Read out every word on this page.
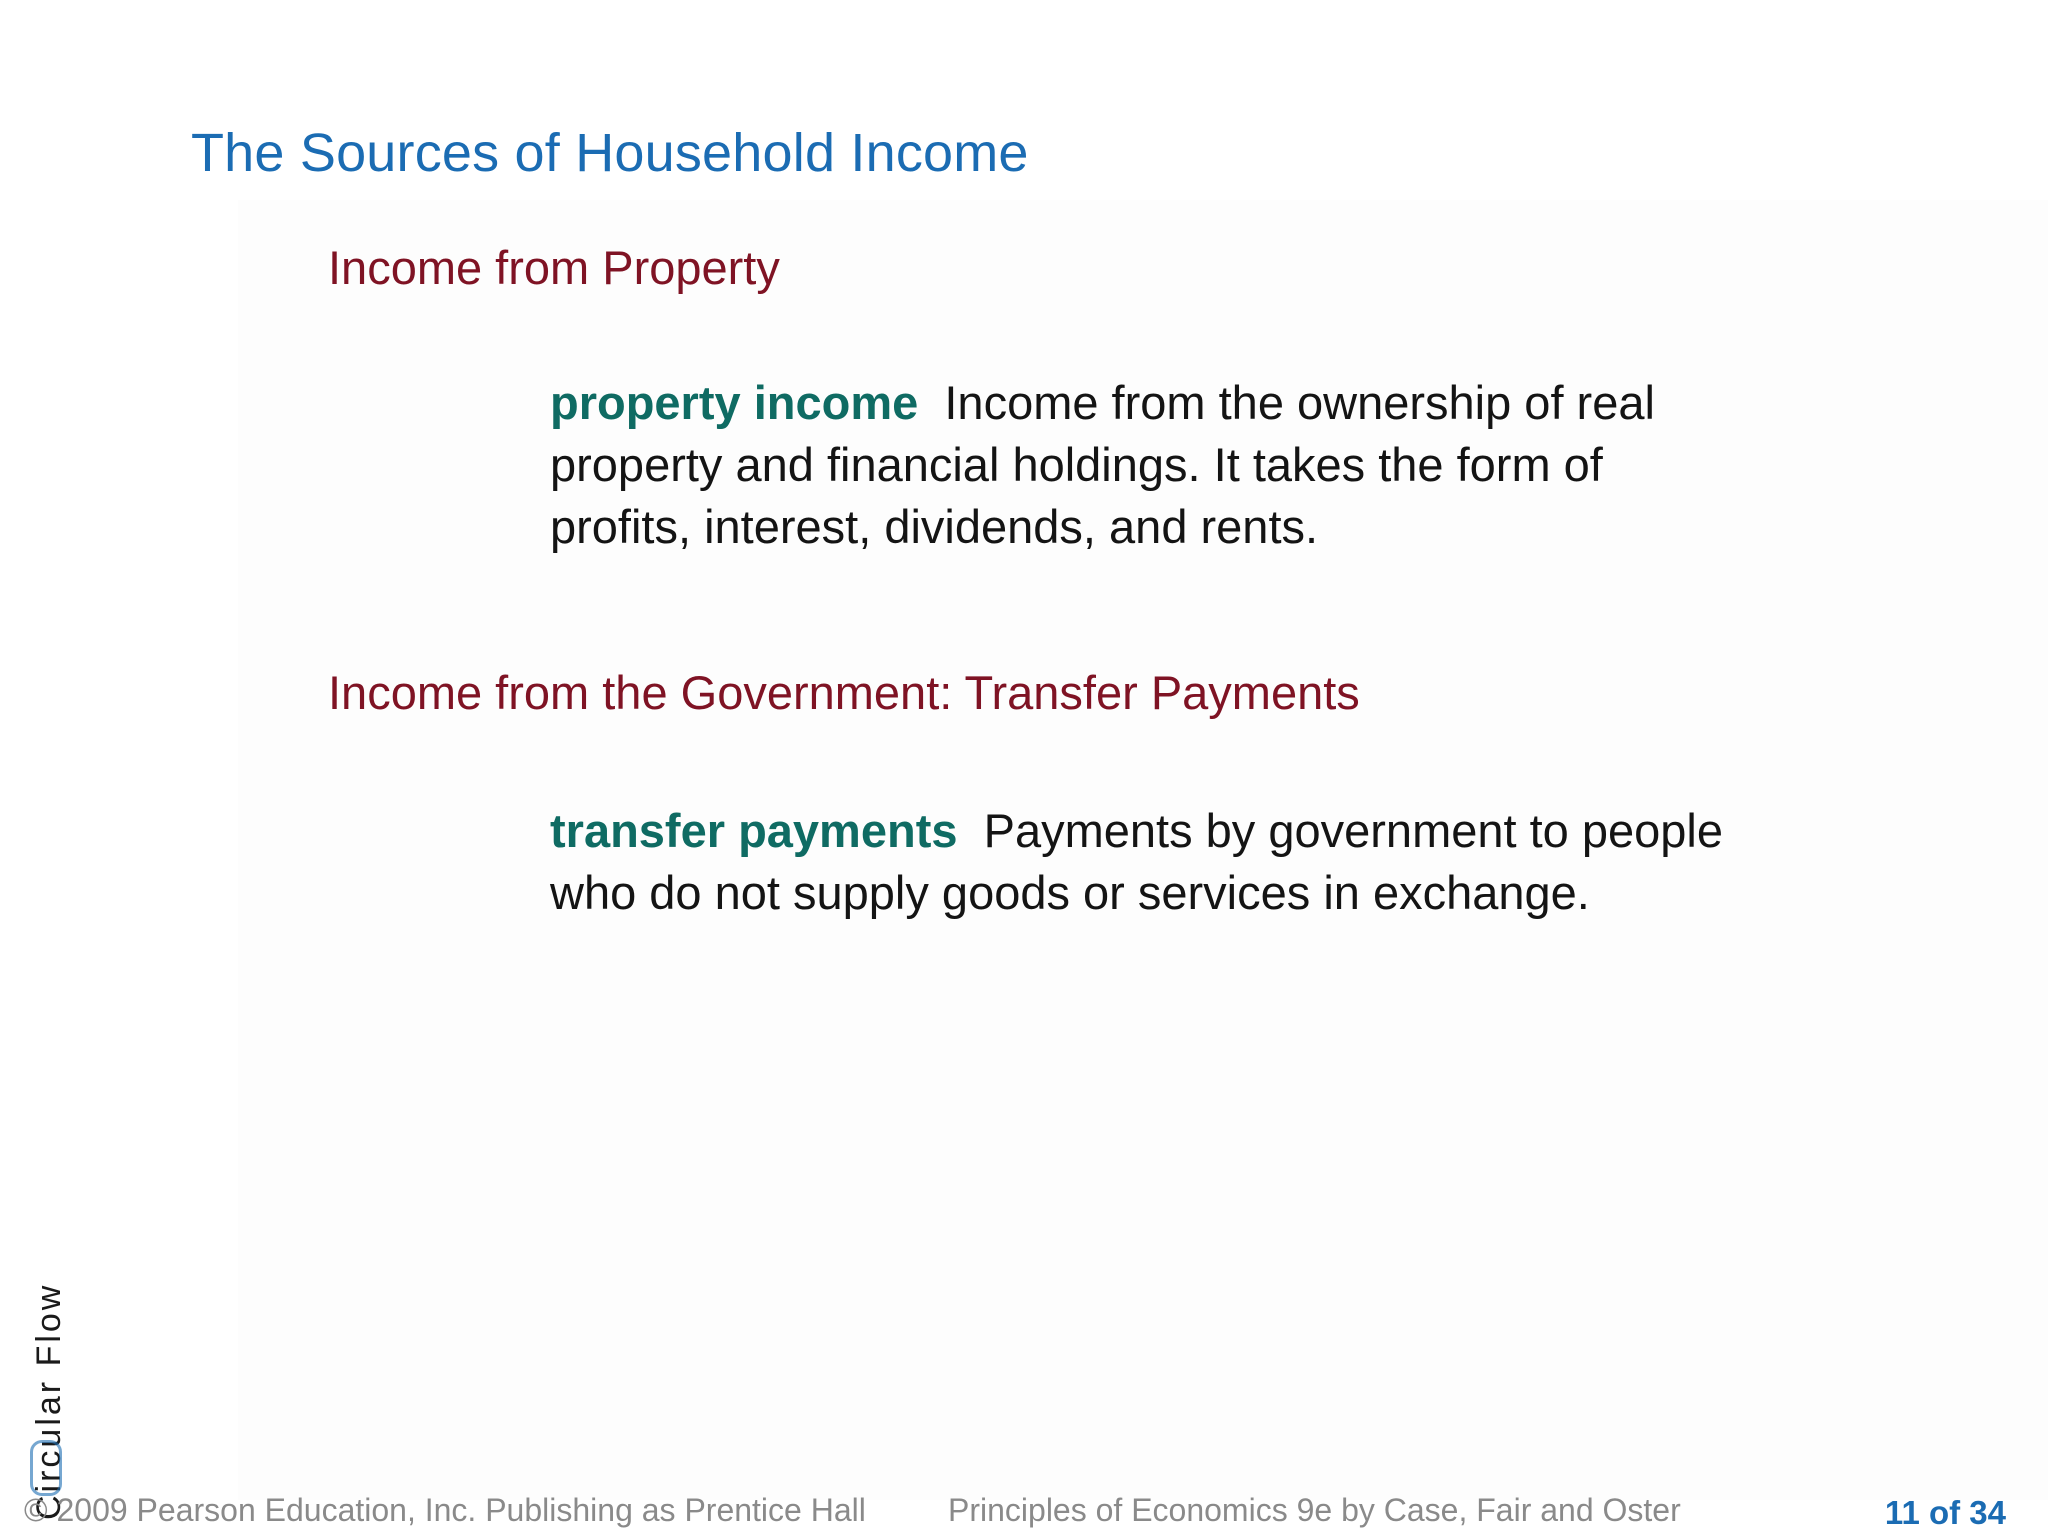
The Sources of Household Income
Income from Property

property income Income from the ownership of real property and financial holdings. It takes the form of profits, interest, dividends, and rents.

Income from the Government: Transfer Payments

transfer payments Payments by government to people who do not supply goods or services in exchange.

Circular Flow
© 2009 Pearson Education, Inc. Publishing as Prentice Hall	Principles of Economics 9e by Case, Fair and Oster	11 of 34
